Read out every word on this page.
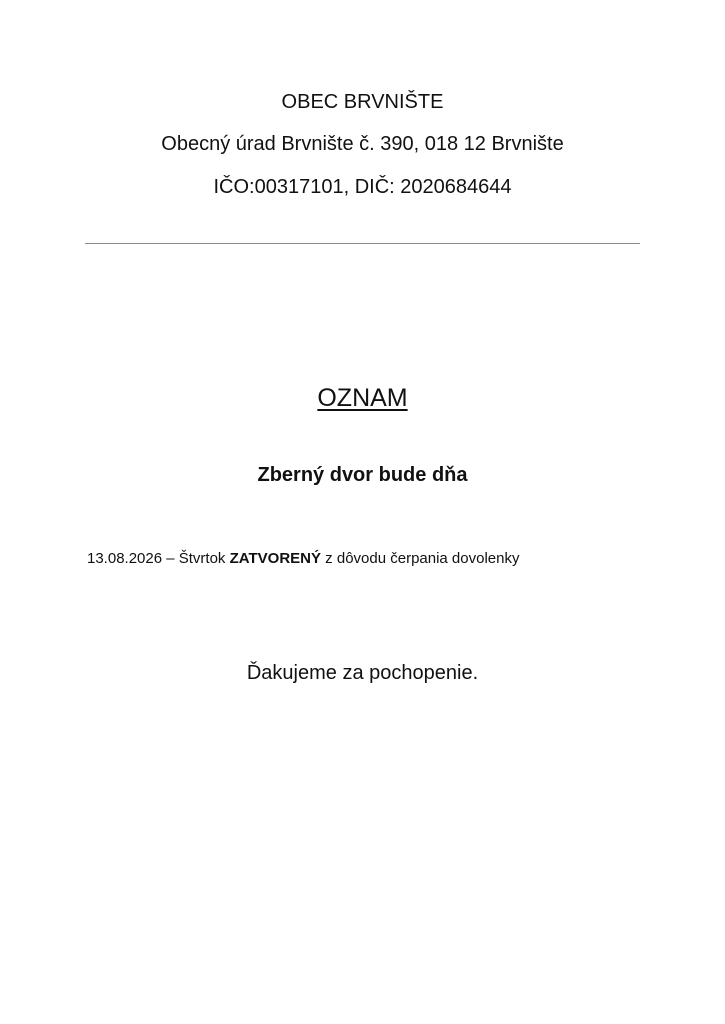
OBEC BRVNIŠTE
Obecný úrad Brvnište č. 390, 018 12 Brvnište
IČO:00317101, DIČ: 2020684644
OZNAM
Zberný dvor bude dňa
13.08.2026 – Štvrtok ZATVORENÝ z dôvodu čerpania dovolenky
Ďakujeme za pochopenie.
